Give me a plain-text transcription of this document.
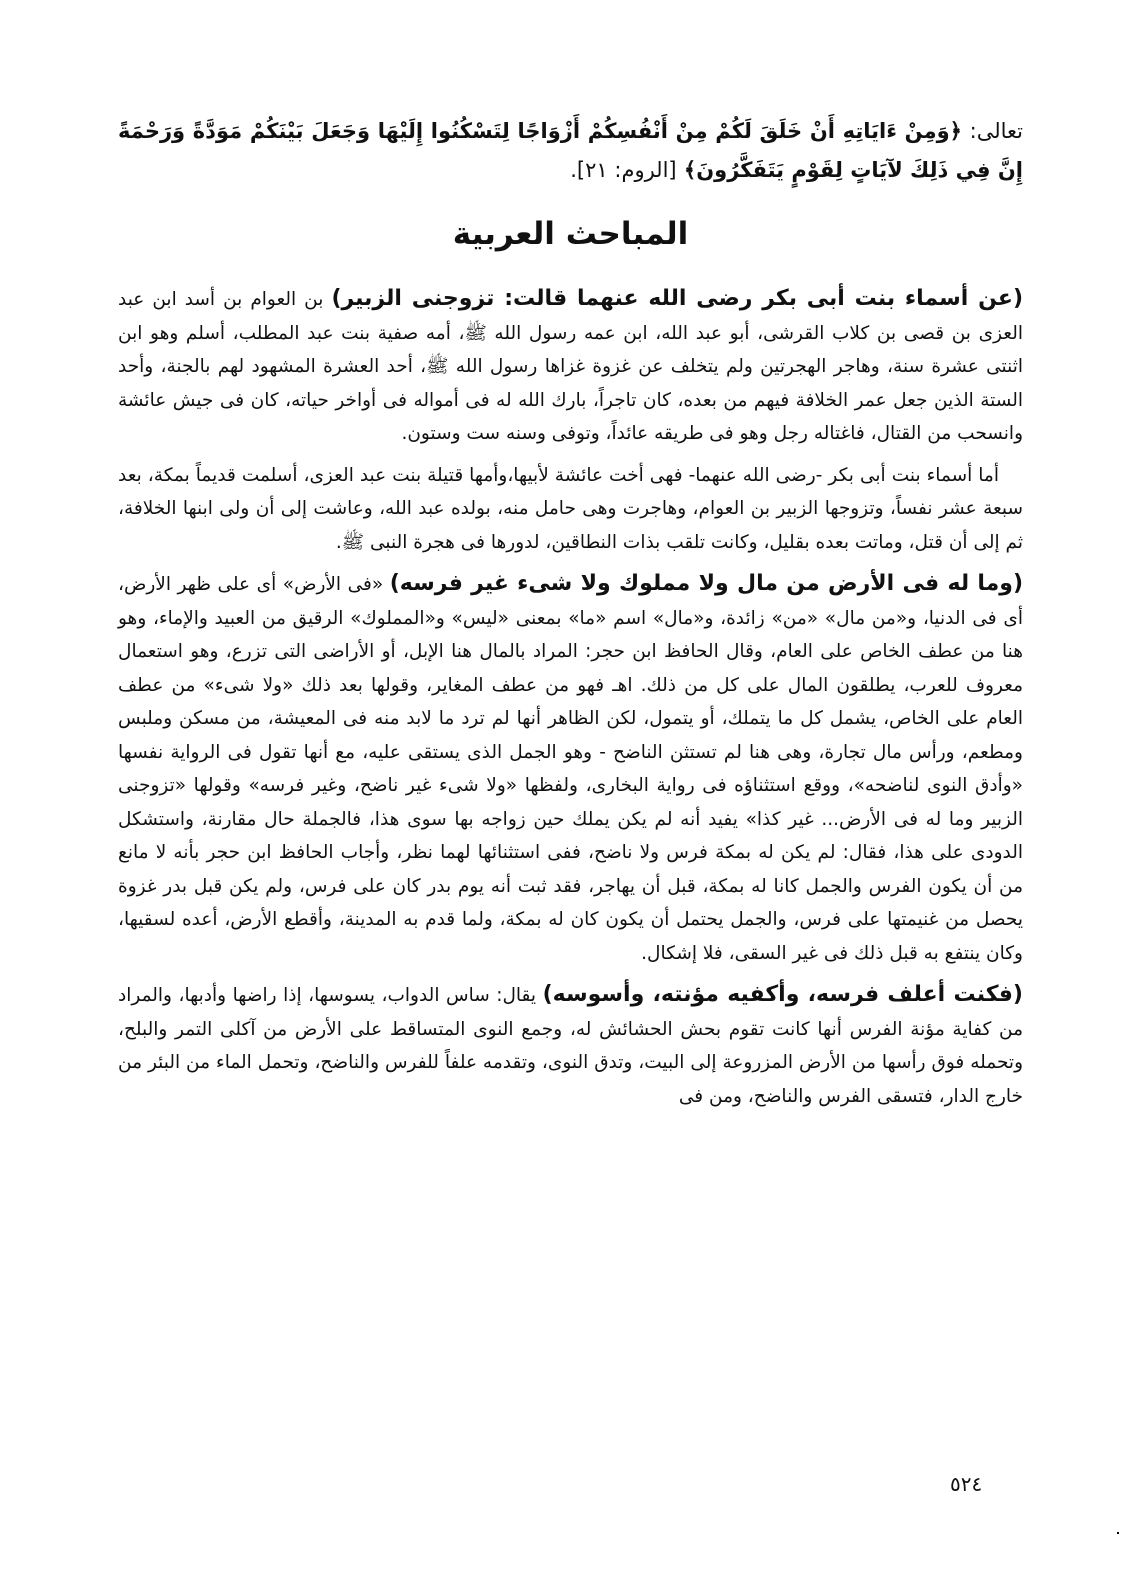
تعالى: ﴿وَمِنْ ءَايَاتِهِ أَنْ خَلَقَ لَكُمْ مِنْ أَنْفُسِكُمْ أَزْوَاجًا لِتَسْكُنُوا إِلَيْهَا وَجَعَلَ بَيْنَكُمْ مَوَدَّةً وَرَحْمَةً إِنَّ فِي ذَلِكَ لآيَاتٍ لِقَوْمٍ يَتَفَكَّرُونَ﴾ [الروم: ٢١].
المباحث العربية

(عن أسماء بنت أبى بكر رضى الله عنهما قالت: تزوجنى الزبير) بن العوام بن أسد ابن عبد العزى بن قصى بن كلاب القرشى، أبو عبد الله، ابن عمه رسول الله ﷺ، أمه صفية بنت عبد المطلب، أسلم وهو ابن اثنتى عشرة سنة، وهاجر الهجرتين ولم يتخلف عن غزوة غزاها رسول الله ﷺ، أحد العشرة المشهود لهم بالجنة، وأحد الستة الذين جعل عمر الخلافة فيهم من بعده، كان تاجراً، بارك الله له فى أمواله فى أواخر حياته، كان فى جيش عائشة وانسحب من القتال، فاغتاله رجل وهو فى طريقه عائداً، وتوفى وسنه ست وستون.

أما أسماء بنت أبى بكر -رضى الله عنهما- فهى أخت عائشة لأبيها،وأمها قتيلة بنت عبد العزى، أسلمت قديماً بمكة، بعد سبعة عشر نفساً، وتزوجها الزبير بن العوام، وهاجرت وهى حامل منه، بولده عبد الله، وعاشت إلى أن ولى ابنها الخلافة، ثم إلى أن قتل، وماتت بعده بقليل، وكانت تلقب بذات النطاقين، لدورها فى هجرة النبى ﷺ.

(وما له فى الأرض من مال ولا مملوك ولا شىء غير فرسه) «فى الأرض» أى على ظهر الأرض، أى فى الدنيا، و«من مال» «من» زائدة، و«مال» اسم «ما» بمعنى «ليس» و«المملوك» الرقيق من العبيد والإماء، وهو هنا من عطف الخاص على العام، وقال الحافظ ابن حجر: المراد بالمال هنا الإبل، أو الأراضى التى تزرع، وهو استعمال معروف للعرب، يطلقون المال على كل من ذلك. اهـ فهو من عطف المغاير، وقولها بعد ذلك «ولا شىء» من عطف العام على الخاص، يشمل كل ما يتملك، أو يتمول، لكن الظاهر أنها لم ترد ما لابد منه فى المعيشة، من مسكن وملبس ومطعم، ورأس مال تجارة، وهى هنا لم تستثن الناضح - وهو الجمل الذى يستقى عليه، مع أنها تقول فى الرواية نفسها «وأدق النوى لناضحه»، ووقع استثناؤه فى رواية البخارى، ولفظها «ولا شىء غير ناضح، وغير فرسه» وقولها «تزوجنى الزبير وما له فى الأرض... غير كذا» يفيد أنه لم يكن يملك حين زواجه بها سوى هذا، فالجملة حال مقارنة، واستشكل الدودى على هذا، فقال: لم يكن له بمكة فرس ولا ناضح، ففى استثنائها لهما نظر، وأجاب الحافظ ابن حجر بأنه لا مانع من أن يكون الفرس والجمل كانا له بمكة، قبل أن يهاجر، فقد ثبت أنه يوم بدر كان على فرس، ولم يكن قبل بدر غزوة يحصل من غنيمتها على فرس، والجمل يحتمل أن يكون كان له بمكة، ولما قدم به المدينة، وأقطع الأرض، أعده لسقيها، وكان ينتفع به قبل ذلك فى غير السقى، فلا إشكال.

(فكنت أعلف فرسه، وأكفيه مؤنته، وأسوسه) يقال: ساس الدواب، يسوسها، إذا راضها وأدبها، والمراد من كفاية مؤنة الفرس أنها كانت تقوم بحش الحشائش له، وجمع النوى المتساقط على الأرض من آكلى التمر والبلح، وتحمله فوق رأسها من الأرض المزروعة إلى البيت، وتدق النوى، وتقدمه علفاً للفرس والناضح، وتحمل الماء من البئر من خارج الدار، فتسقى الفرس والناضح، ومن فى

٥٢٤
